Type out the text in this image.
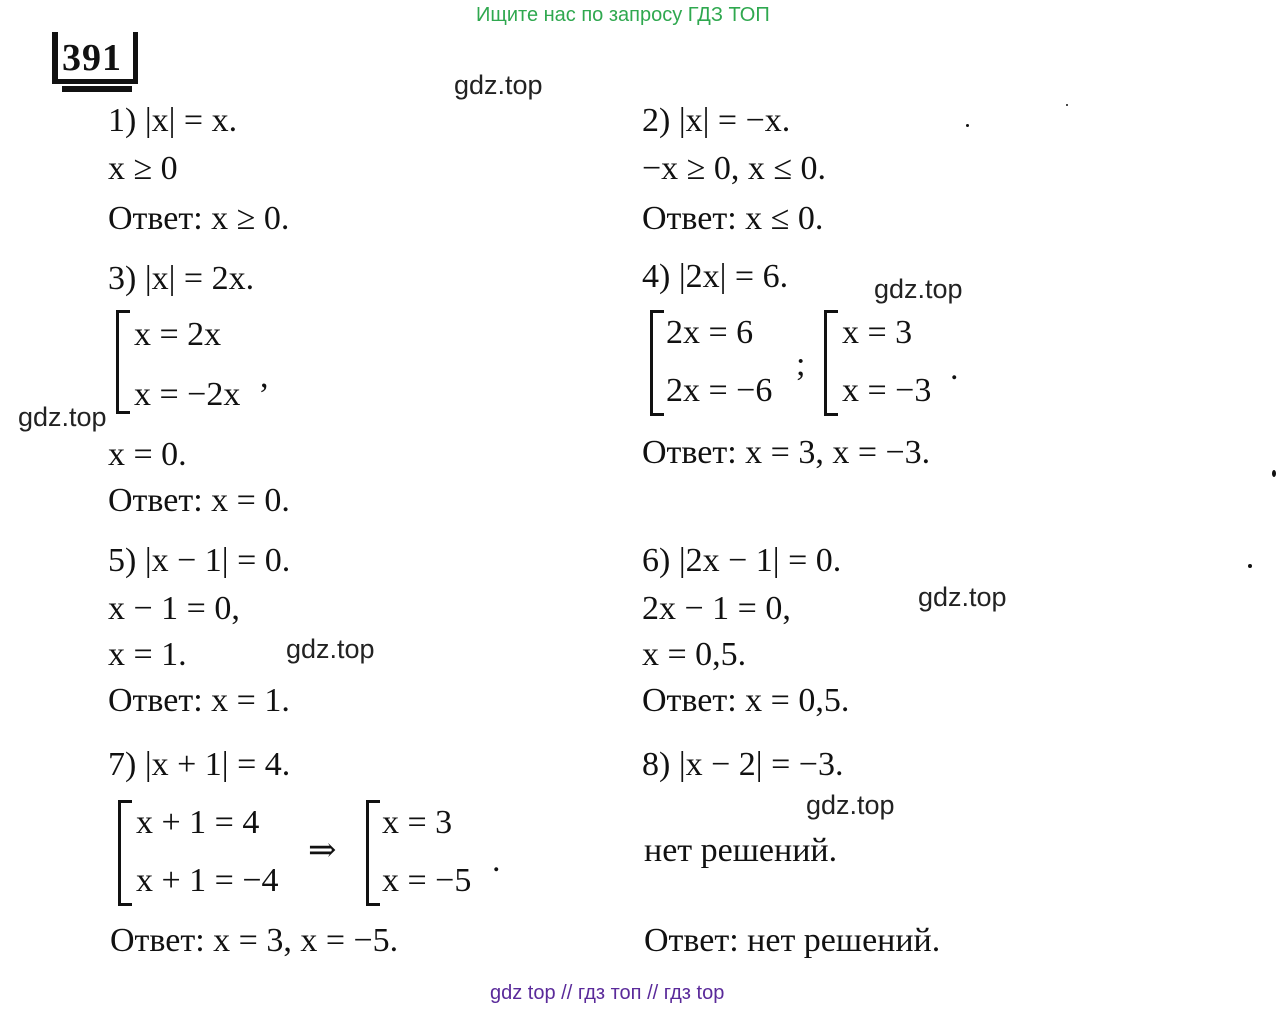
Ищите нас по запросу ГДЗ ТОП
391
gdz.top
gdz.top
gdz.top
gdz.top
gdz.top
gdz.top
1) |x| = x.
x ≥ 0
Ответ: x ≥ 0.
2) |x| = −x.
−x ≥ 0, x ≤ 0.
Ответ: x ≤ 0.
3) |x| = 2x.
x = 2x
x = −2x ,
x = 0.
Ответ: x = 0.
4) |2x| = 6.
2x = 6
2x = −6
;
x = 3
x = −3
.
Ответ: x = 3, x = −3.
5) |x − 1| = 0.
x − 1 = 0,
x = 1.
Ответ: x = 1.
6) |2x − 1| = 0.
2x − 1 = 0,
x = 0,5.
Ответ: x = 0,5.
7) |x + 1| = 4.
x + 1 = 4
x + 1 = −4
⇒
x = 3
x = −5
.
Ответ: x = 3, x = −5.
8) |x − 2| = −3.
нет решений.
Ответ: нет решений.
gdz top // гдз топ // гдз top
